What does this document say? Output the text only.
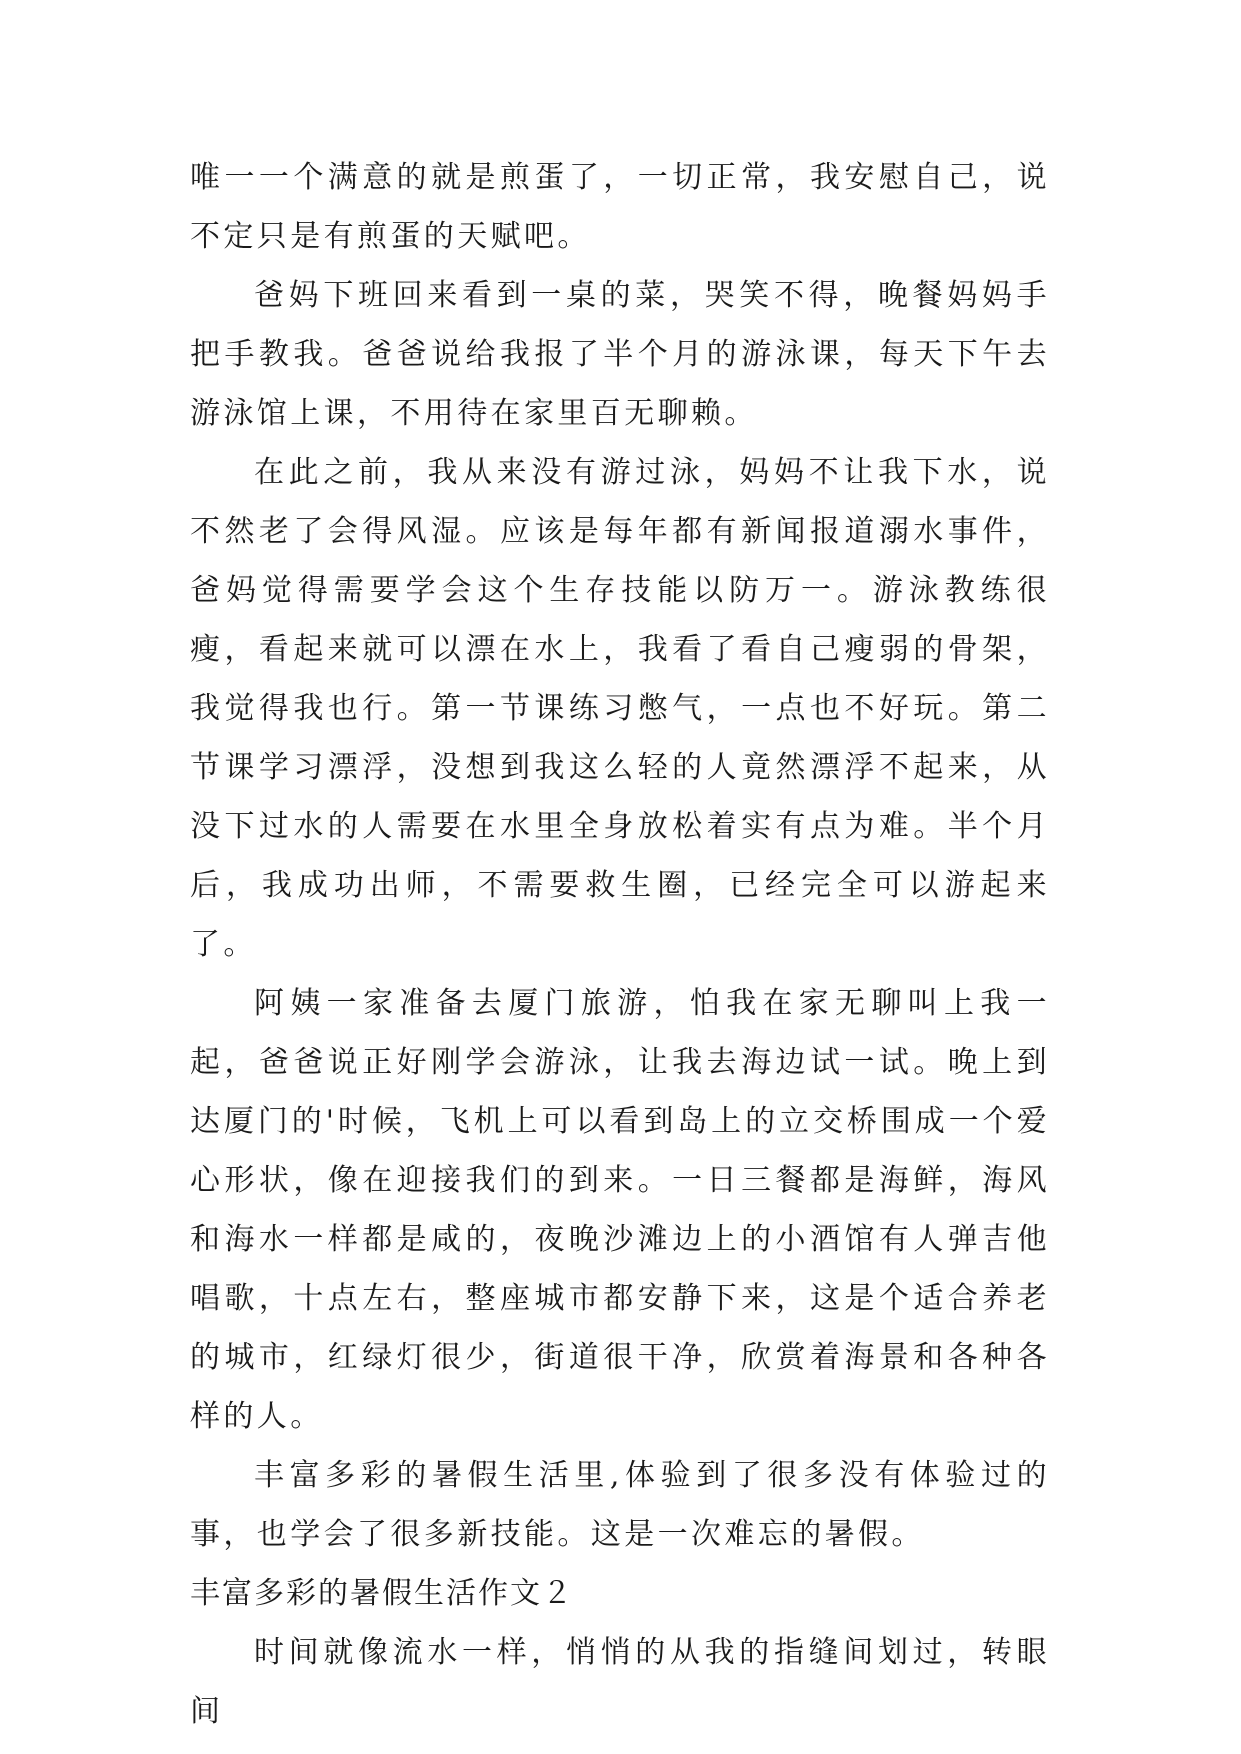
唯一一个满意的就是煎蛋了，一切正常，我安慰自己，说不定只是有煎蛋的天赋吧。

爸妈下班回来看到一桌的菜，哭笑不得，晚餐妈妈手把手教我。爸爸说给我报了半个月的游泳课，每天下午去游泳馆上课，不用待在家里百无聊赖。

在此之前，我从来没有游过泳，妈妈不让我下水，说不然老了会得风湿。应该是每年都有新闻报道溺水事件，爸妈觉得需要学会这个生存技能以防万一。游泳教练很瘦，看起来就可以漂在水上，我看了看自己瘦弱的骨架，我觉得我也行。第一节课练习憋气，一点也不好玩。第二节课学习漂浮，没想到我这么轻的人竟然漂浮不起来，从没下过水的人需要在水里全身放松着实有点为难。半个月后，我成功出师，不需要救生圈，已经完全可以游起来了。

阿姨一家准备去厦门旅游，怕我在家无聊叫上我一起，爸爸说正好刚学会游泳，让我去海边试一试。晚上到达厦门的'时候，飞机上可以看到岛上的立交桥围成一个爱心形状，像在迎接我们的到来。一日三餐都是海鲜，海风和海水一样都是咸的，夜晚沙滩边上的小酒馆有人弹吉他唱歌，十点左右，整座城市都安静下来，这是个适合养老的城市，红绿灯很少，街道很干净，欣赏着海景和各种各样的人。

丰富多彩的暑假生活里,体验到了很多没有体验过的事，也学会了很多新技能。这是一次难忘的暑假。

丰富多彩的暑假生活作文２

时间就像流水一样，悄悄的从我的指缝间划过，转眼间
